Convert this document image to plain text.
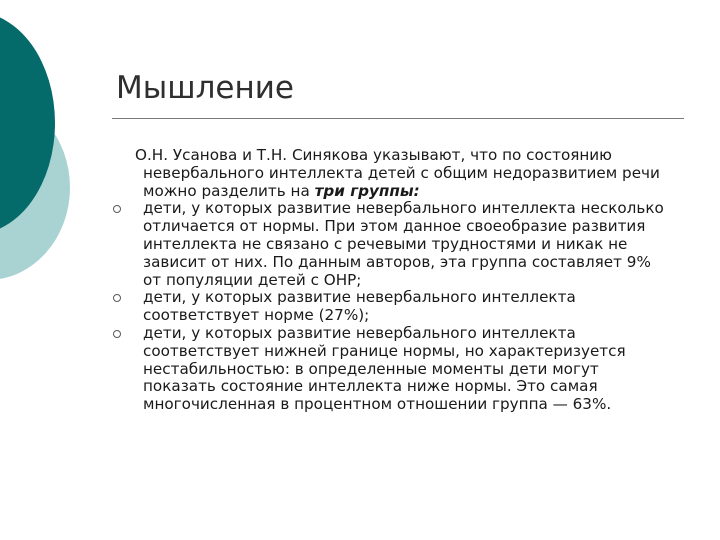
Мышление

О.Н. Усанова и Т.Н. Синякова указывают, что по состоянию невербального интеллекта детей с общим недоразвитием речи можно разделить на три группы:

дети, у которых развитие невербального интеллекта несколько отличается от нормы. При этом данное своеобразие развития интеллекта не связано с речевыми трудностями и никак не зависит от них. По данным авторов, эта группа составляет 9% от популяции детей с ОНР;
дети, у которых развитие невербального интеллекта соответствует норме (27%);
дети, у которых развитие невербального интеллекта соответствует нижней границе нормы, но характеризуется нестабильностью: в определенные моменты дети могут показать состояние интеллекта ниже нормы. Это самая многочисленная в процентном отношении группа — 63%.
